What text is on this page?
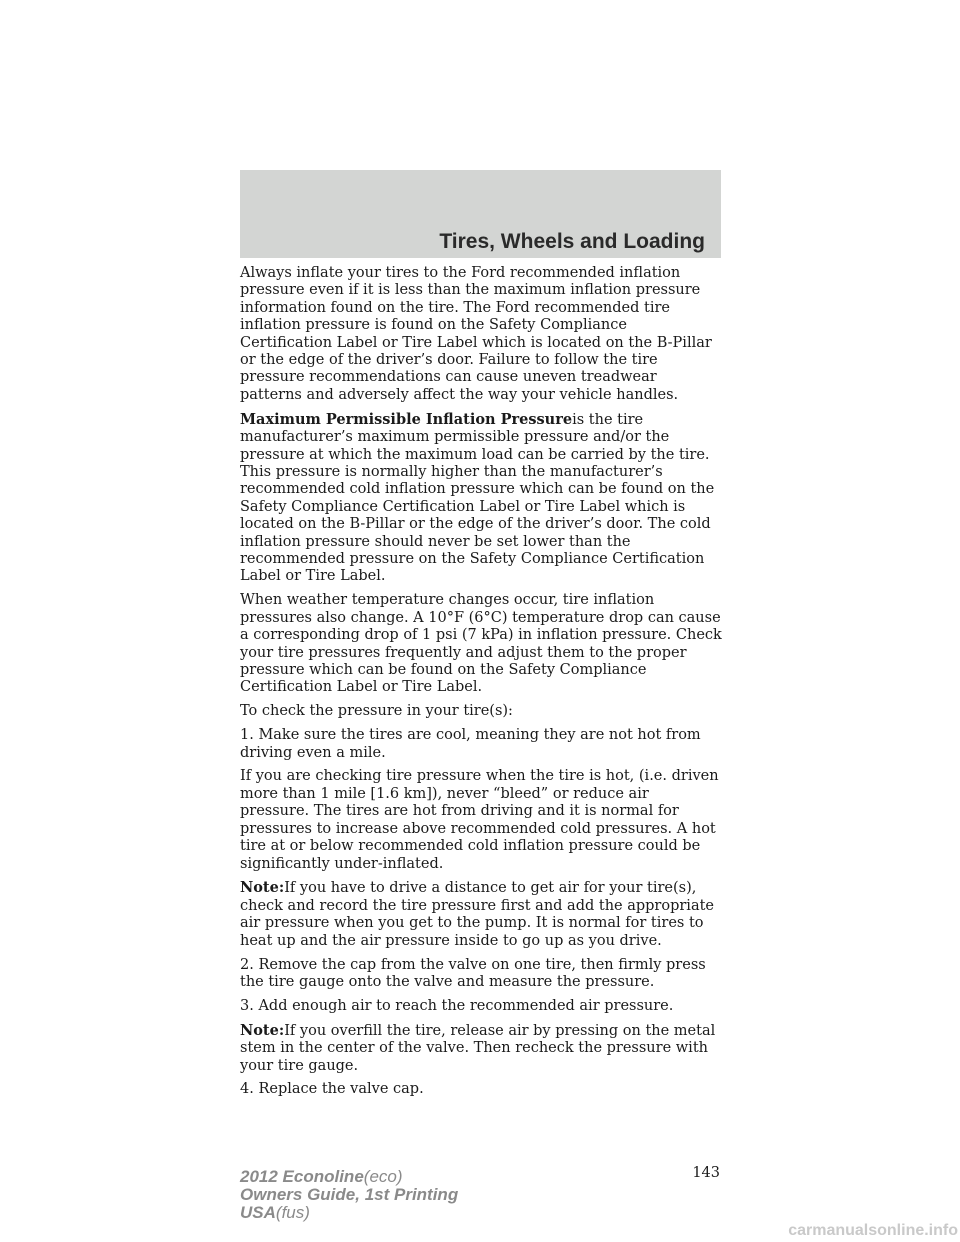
Tires, Wheels and Loading

Always inflate your tires to the Ford recommended inflation pressure even if it is less than the maximum inflation pressure information found on the tire. The Ford recommended tire inflation pressure is found on the Safety Compliance Certification Label or Tire Label which is located on the B-Pillar or the edge of the driver’s door. Failure to follow the tire pressure recommendations can cause uneven treadwear patterns and adversely affect the way your vehicle handles.

Maximum Permissible Inflation Pressureis the tire manufacturer’s maximum permissible pressure and/or the pressure at which the maximum load can be carried by the tire. This pressure is normally higher than the manufacturer’s recommended cold inflation pressure which can be found on the Safety Compliance Certification Label or Tire Label which is located on the B-Pillar or the edge of the driver’s door. The cold inflation pressure should never be set lower than the recommended pressure on the Safety Compliance Certification Label or Tire Label.

When weather temperature changes occur, tire inflation pressures also change. A 10°F (6°C) temperature drop can cause a corresponding drop of 1 psi (7 kPa) in inflation pressure. Check your tire pressures frequently and adjust them to the proper pressure which can be found on the Safety Compliance Certification Label or Tire Label.

To check the pressure in your tire(s):

1. Make sure the tires are cool, meaning they are not hot from driving even a mile.

If you are checking tire pressure when the tire is hot, (i.e. driven more than 1 mile [1.6 km]), never “bleed” or reduce air pressure. The tires are hot from driving and it is normal for pressures to increase above recommended cold pressures. A hot tire at or below recommended cold inflation pressure could be significantly under-inflated.

Note:If you have to drive a distance to get air for your tire(s), check and record the tire pressure first and add the appropriate air pressure when you get to the pump. It is normal for tires to heat up and the air pressure inside to go up as you drive.

2. Remove the cap from the valve on one tire, then firmly press the tire gauge onto the valve and measure the pressure.

3. Add enough air to reach the recommended air pressure.

Note:If you overfill the tire, release air by pressing on the metal stem in the center of the valve. Then recheck the pressure with your tire gauge.

4. Replace the valve cap.

143
2012 Econoline(eco)
Owners Guide, 1st Printing
USA(fus)
carmanualsonline.info
